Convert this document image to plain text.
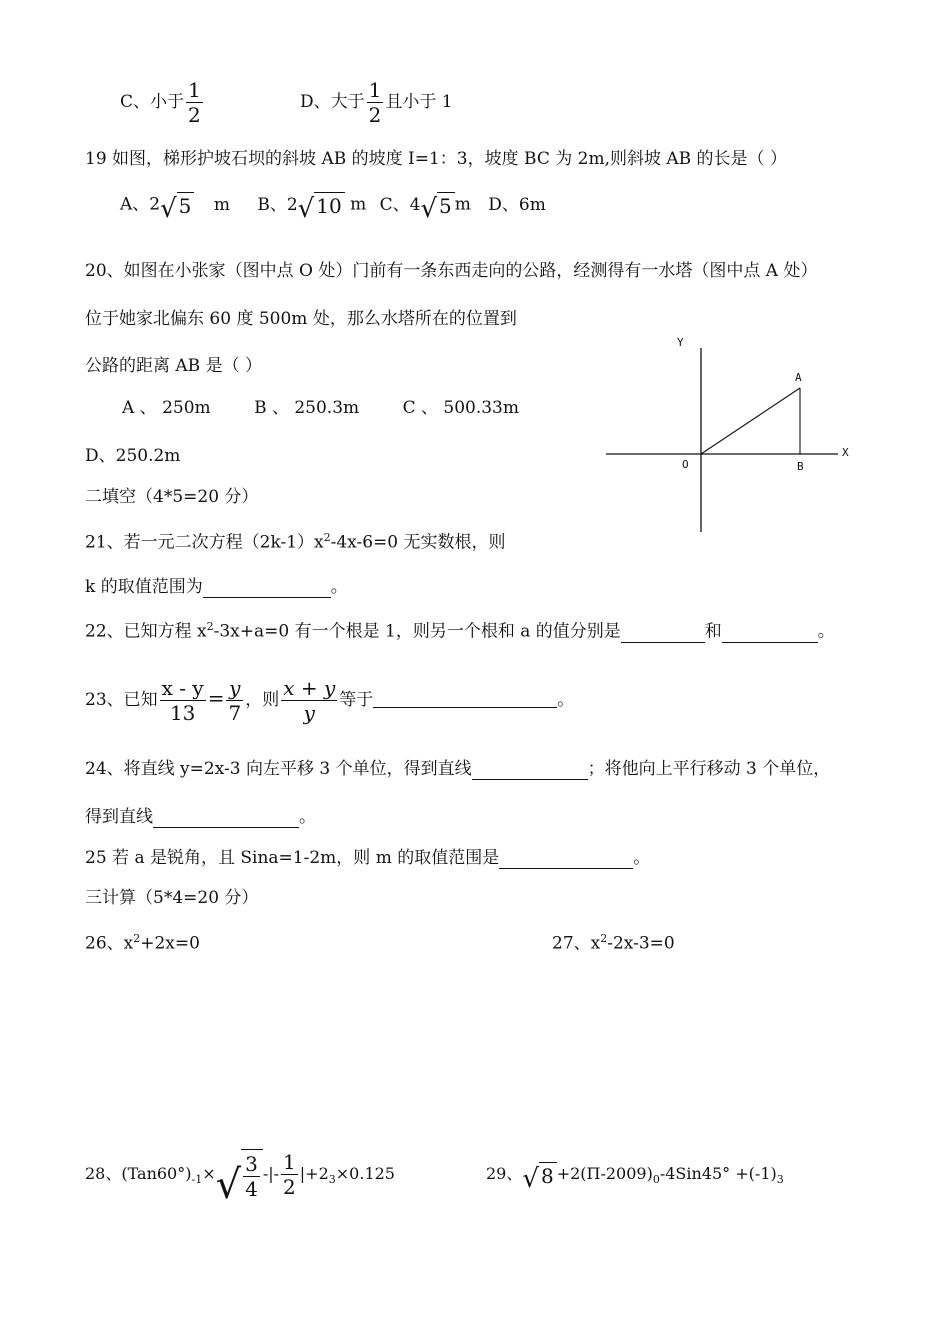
C、小于 $\frac{1}{2}$	D、大于 $\frac{1}{2}$ 且小于 1
19 如图，梯形护坡石坝的斜坡 AB 的坡度 I=1：3，坡度 BC 为 2m,则斜坡 AB 的长是（ ）
A、2 √ 5 m B、2 √ 10 m C、4 √ 5 m D、6m
20、如图在小张家（图中点 O 处）门前有一条东西走向的公路，经测得有一水塔（图中点 A 处）
位于她家北偏东 60 度 500m 处，那么水塔所在的位置到
公路的距离 AB 是（ ）
A 、 250m	B 、 250.3m	C 、 500.33m
D、250.2m
Y
X
O
A
B
二填空（4*5=20 分）
21、若一元二次方程$(2k-1)x^2-4x-6=0$ 无实数根，则
k 的取值范围为	。
22、已知方程 $x^2-3x+a=0$ 有一个根是 1，则另一个根和 a 的值分别是	和	。
23、已知 $\frac{x - y}{13} = \frac{y}{7}$ ，则 $\frac{x + y}{y}$ 等于	。
24、将直线 y=2x-3 向左平移 3 个单位，得到直线	；将他向上平行移动 3 个单位，
得到直线	。
25 若 a 是锐角，且 Sina=1-2m，则 m 的取值范围是	。
三计算（5*4=20 分）
26、$x^2+2x=0$	27、$x^2-2x-3=0$
28、$(Tan60^\circ)_{-1}\times$ √ $\frac{3}{4}$ -|- $\frac{1}{2} |+2_3\times 0.125$	29、 √ $8 +2(\Pi-2009)_0-4Sin45^\circ +(-1)_3$
